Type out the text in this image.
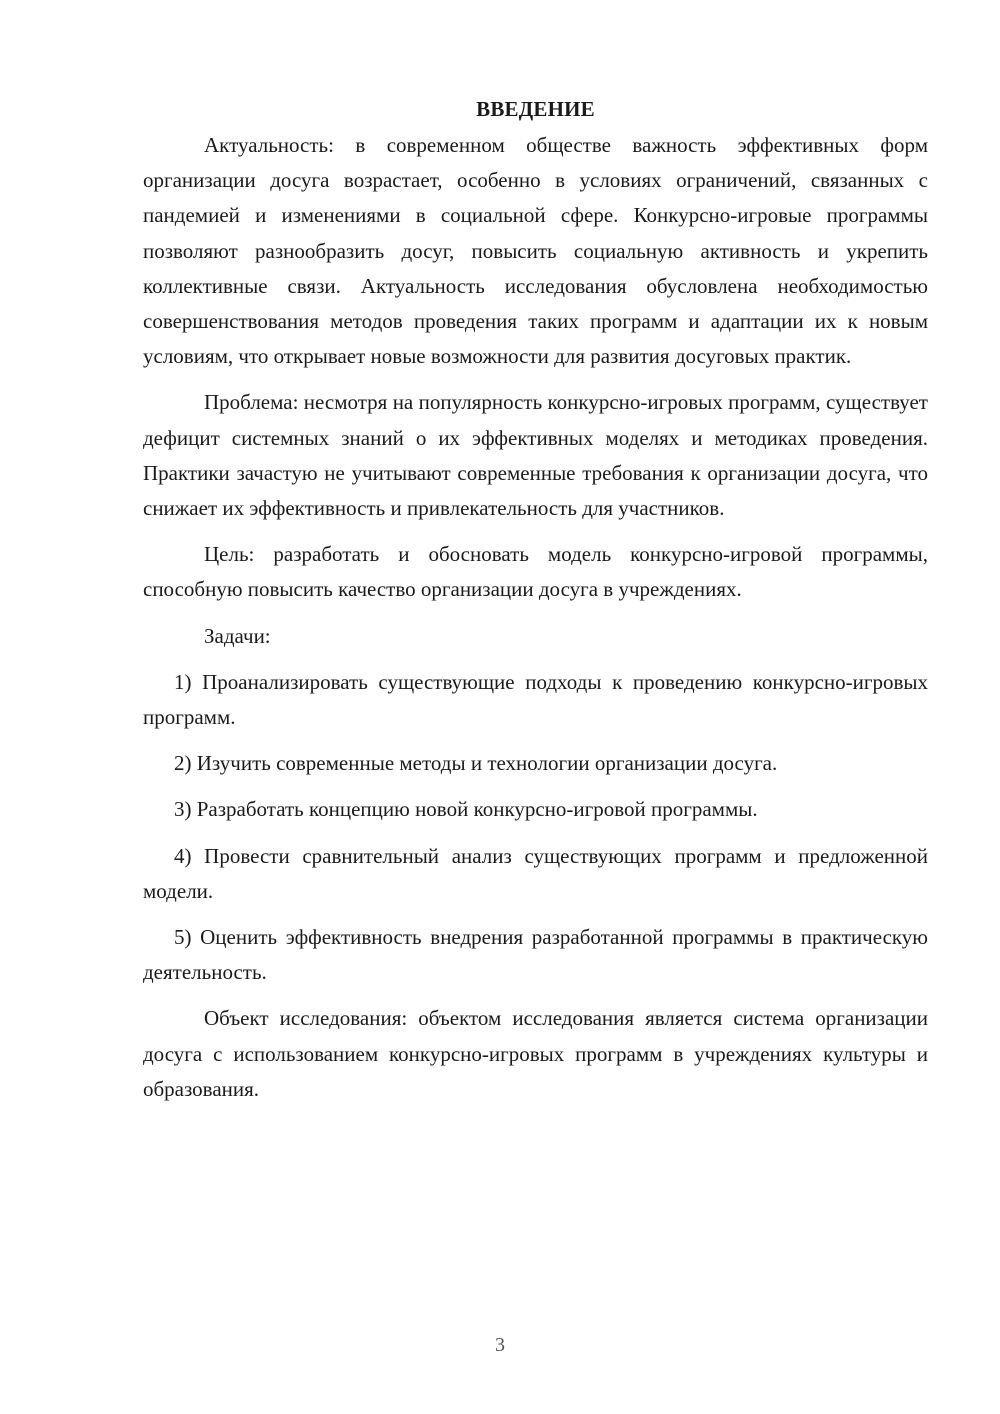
ВВЕДЕНИЕ

Актуальность: в современном обществе важность эффективных форм организации досуга возрастает, особенно в условиях ограничений, связанных с пандемией и изменениями в социальной сфере. Конкурсно-игровые программы позволяют разнообразить досуг, повысить социальную активность и укрепить коллективные связи. Актуальность исследования обусловлена необходимостью совершенствования методов проведения таких программ и адаптации их к новым условиям, что открывает новые возможности для развития досуговых практик.

Проблема: несмотря на популярность конкурсно-игровых программ, существует дефицит системных знаний о их эффективных моделях и методиках проведения. Практики зачастую не учитывают современные требования к организации досуга, что снижает их эффективность и привлекательность для участников.

Цель: разработать и обосновать модель конкурсно-игровой программы, способную повысить качество организации досуга в учреждениях.

Задачи:

1) Проанализировать существующие подходы к проведению конкурсно-игровых программ.

2) Изучить современные методы и технологии организации досуга.

3) Разработать концепцию новой конкурсно-игровой программы.

4) Провести сравнительный анализ существующих программ и предложенной модели.

5) Оценить эффективность внедрения разработанной программы в практическую деятельность.

Объект исследования: объектом исследования является система организации досуга с использованием конкурсно-игровых программ в учреждениях культуры и образования.

3
